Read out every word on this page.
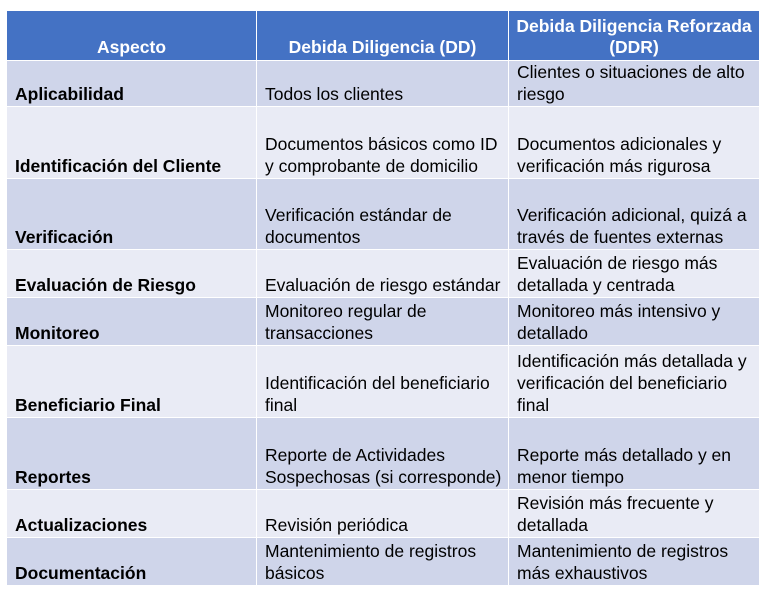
Aspecto	Debida Diligencia (DD)	Debida Diligencia Reforzada (DDR)
Aplicabilidad	Todos los clientes	Clientes o situaciones de alto riesgo
Identificación del Cliente	Documentos básicos como ID y comprobante de domicilio	Documentos adicionales y verificación más rigurosa
Verificación	Verificación estándar de documentos	Verificación adicional, quizá a través de fuentes externas
Evaluación de Riesgo	Evaluación de riesgo estándar	Evaluación de riesgo más detallada y centrada
Monitoreo	Monitoreo regular de transacciones	Monitoreo más intensivo y detallado
Beneficiario Final	Identificación del beneficiario final	Identificación más detallada y verificación del beneficiario final
Reportes	Reporte de Actividades Sospechosas (si corresponde)	Reporte más detallado y en menor tiempo
Actualizaciones	Revisión periódica	Revisión más frecuente y detallada
Documentación	Mantenimiento de registros básicos	Mantenimiento de registros más exhaustivos
